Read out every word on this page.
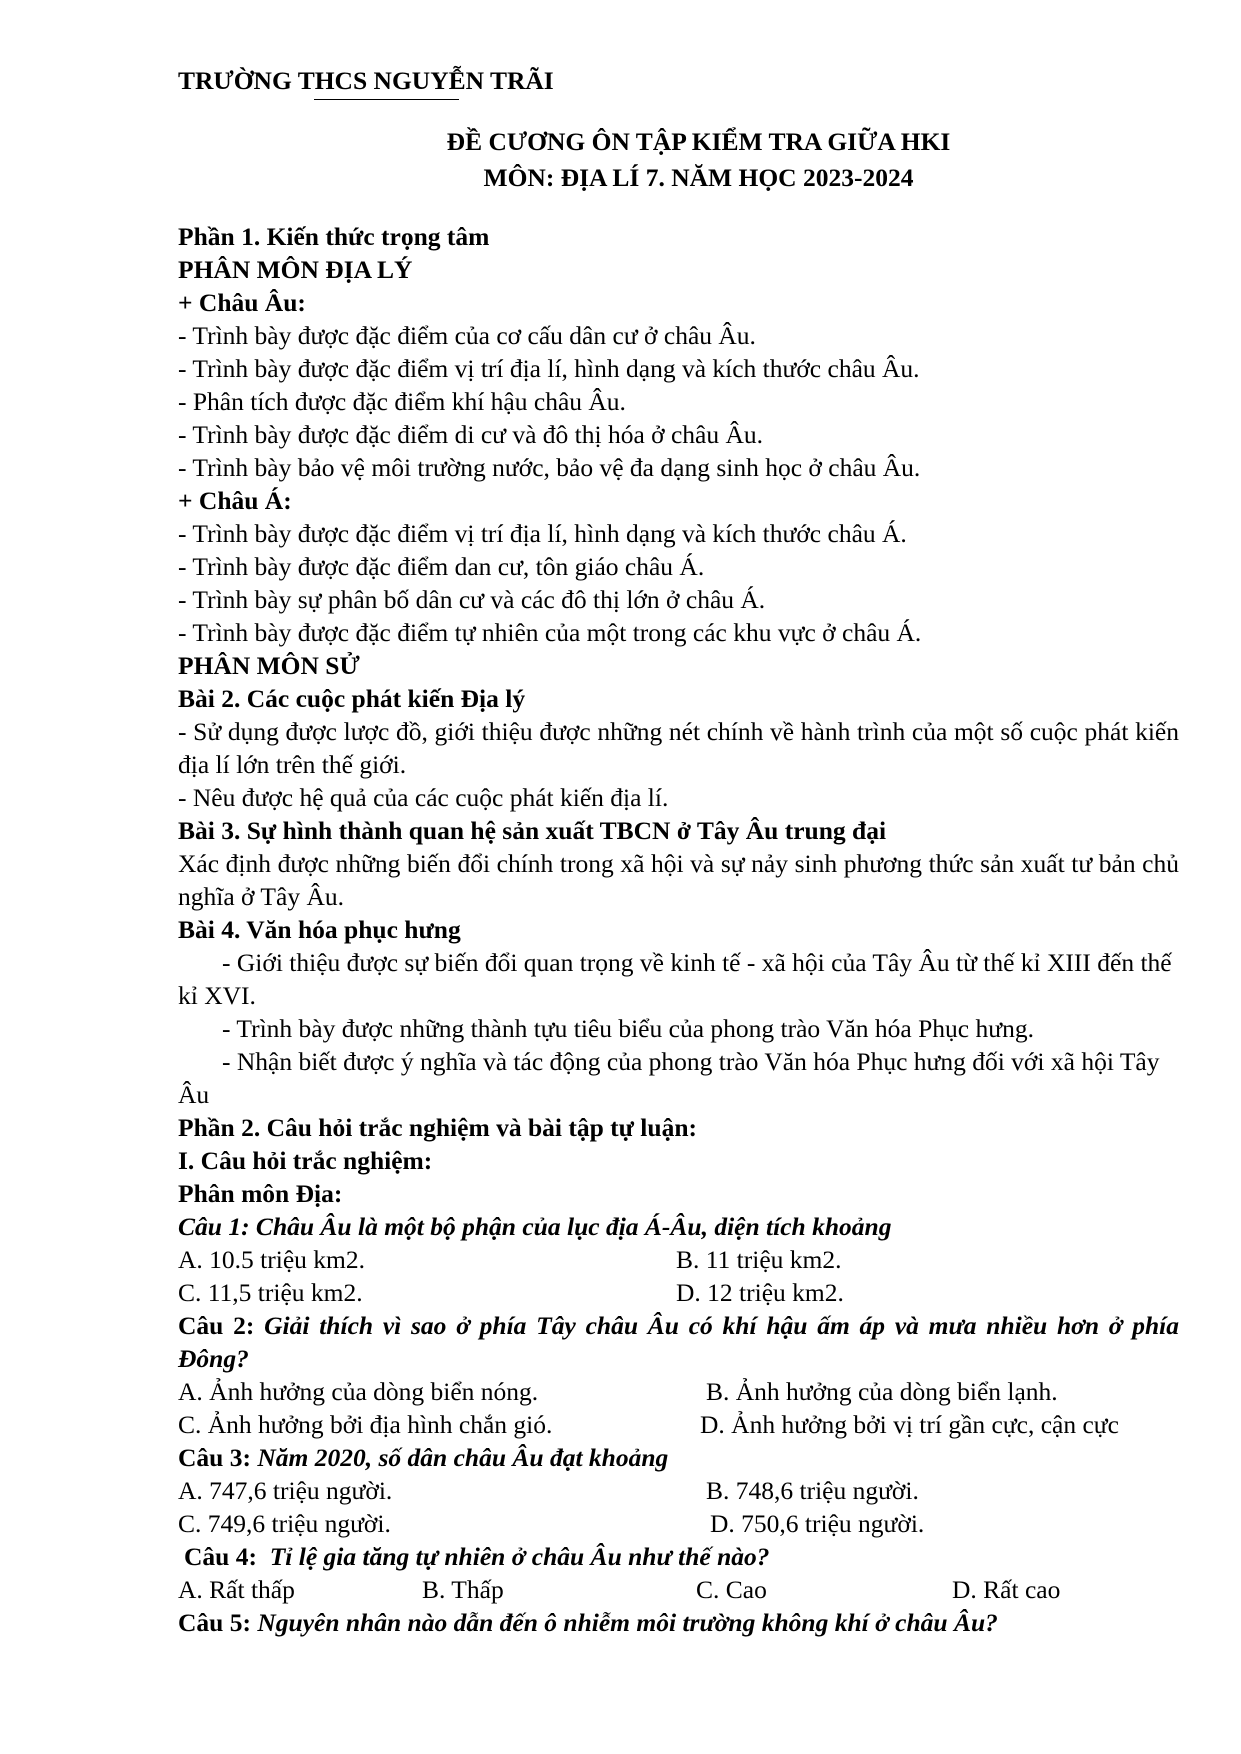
TRƯỜNG THCS NGUYỄN TRÃI
ĐỀ CƯƠNG ÔN TẬP KIỂM TRA GIỮA HKI
MÔN: ĐỊA LÍ 7. NĂM HỌC 2023-2024
Phần 1. Kiến thức trọng tâm
PHÂN MÔN ĐỊA LÝ
+ Châu Âu:
- Trình bày được đặc điểm của cơ cấu dân cư ở châu Âu.
- Trình bày được đặc điểm vị trí địa lí, hình dạng và kích thước châu Âu.
- Phân tích được đặc điểm khí hậu châu Âu.
- Trình bày được đặc điểm di cư và đô thị hóa ở châu Âu.
- Trình bày bảo vệ môi trường nước, bảo vệ đa dạng sinh học ở châu Âu.
+ Châu Á:
- Trình bày được đặc điểm vị trí địa lí, hình dạng và kích thước châu Á.
- Trình bày được đặc điểm dan cư, tôn giáo châu Á.
- Trình bày sự phân bố dân cư và các đô thị lớn ở châu Á.
- Trình bày được đặc điểm tự nhiên của một trong các khu vực ở châu Á.
PHÂN MÔN SỬ
Bài 2. Các cuộc phát kiến Địa lý
- Sử dụng được lược đồ, giới thiệu được những nét chính về hành trình của một số cuộc phát kiến địa lí lớn trên thế giới.
- Nêu được hệ quả của các cuộc phát kiến địa lí.
Bài 3. Sự hình thành quan hệ sản xuất TBCN ở Tây Âu trung đại
Xác định được những biến đổi chính trong xã hội và sự nảy sinh phương thức sản xuất tư bản chủ nghĩa ở Tây Âu.
Bài 4. Văn hóa phục hưng
- Giới thiệu được sự biến đổi quan trọng về kinh tế - xã hội của Tây Âu từ thế kỉ XIII đến thế kỉ XVI.
- Trình bày được những thành tựu tiêu biểu của phong trào Văn hóa Phục hưng.
- Nhận biết được ý nghĩa và tác động của phong trào Văn hóa Phục hưng đối với xã hội Tây Âu
Phần 2. Câu hỏi trắc nghiệm và bài tập tự luận:
I. Câu hỏi trắc nghiệm:
Phân môn Địa:
Câu 1: Châu Âu là một bộ phận của lục địa Á-Âu, diện tích khoảng
A. 10.5 triệu km2.	B. 11 triệu km2.
C. 11,5 triệu km2.	D. 12 triệu km2.
Câu 2: Giải thích vì sao ở phía Tây châu Âu có khí hậu ấm áp và mưa nhiều hơn ở phía Đông?
A. Ảnh hưởng của dòng biển nóng.	B. Ảnh hưởng của dòng biển lạnh.
C. Ảnh hưởng bởi địa hình chắn gió.	D. Ảnh hưởng bởi vị trí gần cực, cận cực
Câu 3: Năm 2020, số dân châu Âu đạt khoảng
A. 747,6 triệu người.	B. 748,6 triệu người.
C. 749,6 triệu người.	D. 750,6 triệu người.
Câu 4: Tỉ lệ gia tăng tự nhiên ở châu Âu như thế nào?
A. Rất thấp	B. Thấp	C. Cao	D. Rất cao
Câu 5: Nguyên nhân nào dẫn đến ô nhiễm môi trường không khí ở châu Âu?
